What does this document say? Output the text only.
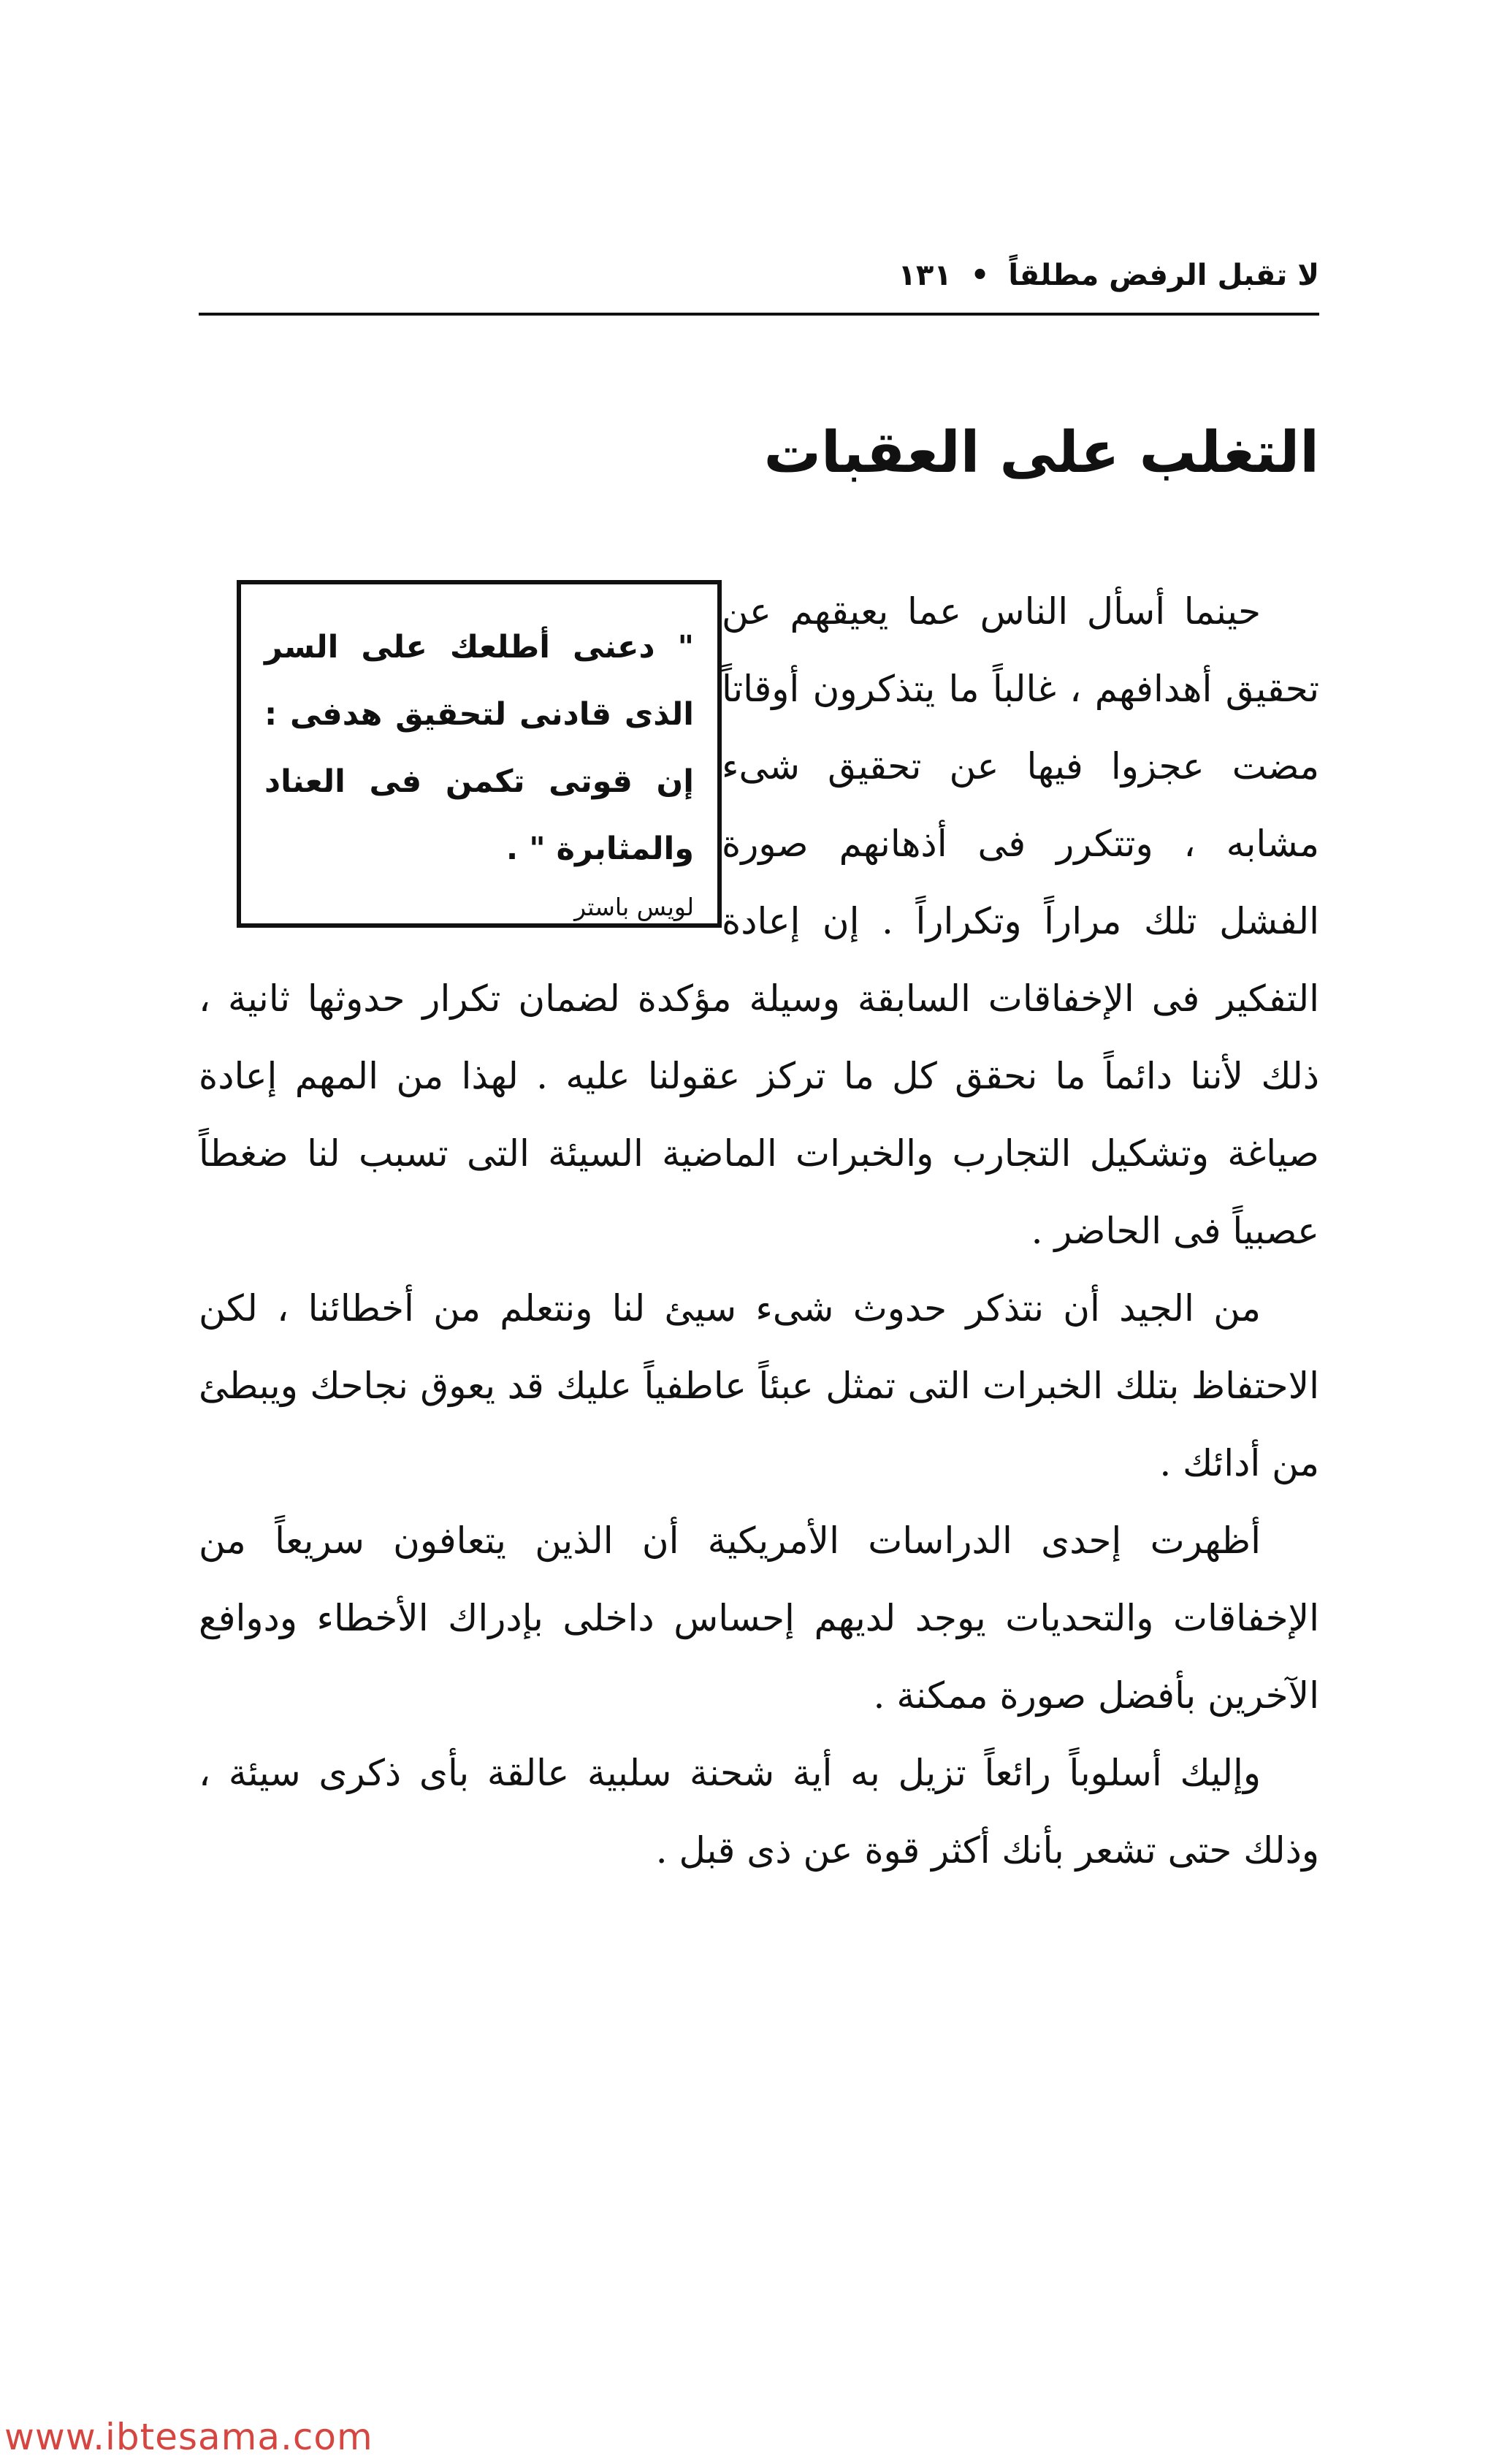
لا تقبل الرفض مطلقاً
•
١٣١
التغلب على العقبات
" دعنى أطلعك على السر الذى قادنى لتحقيق هدفى : إن قوتى تكمن فى العناد والمثابرة " .
لويس باستر

حينما أسأل الناس عما يعيقهم عن تحقيق أهدافهم ، غالباً ما يتذكرون أوقاتاً مضت عجزوا فيها عن تحقيق شىء مشابه ، وتتكرر فى أذهانهم صورة الفشل تلك مراراً وتكراراً . إن إعادة التفكير فى الإخفاقات السابقة وسيلة مؤكدة لضمان تكرار حدوثها ثانية ، ذلك لأننا دائماً ما نحقق كل ما تركز عقولنا عليه . لهذا من المهم إعادة صياغة وتشكيل التجارب والخبرات الماضية السيئة التى تسبب لنا ضغطاً عصبياً فى الحاضر .

من الجيد أن نتذكر حدوث شىء سيئ لنا ونتعلم من أخطائنا ، لكن الاحتفاظ بتلك الخبرات التى تمثل عبئاً عاطفياً عليك قد يعوق نجاحك ويبطئ من أدائك .

أظهرت إحدى الدراسات الأمريكية أن الذين يتعافون سريعاً من الإخفاقات والتحديات يوجد لديهم إحساس داخلى بإدراك الأخطاء ودوافع الآخرين بأفضل صورة ممكنة .

وإليك أسلوباً رائعاً تزيل به أية شحنة سلبية عالقة بأى ذكرى سيئة ، وذلك حتى تشعر بأنك أكثر قوة عن ذى قبل .

www.ibtesama.com
